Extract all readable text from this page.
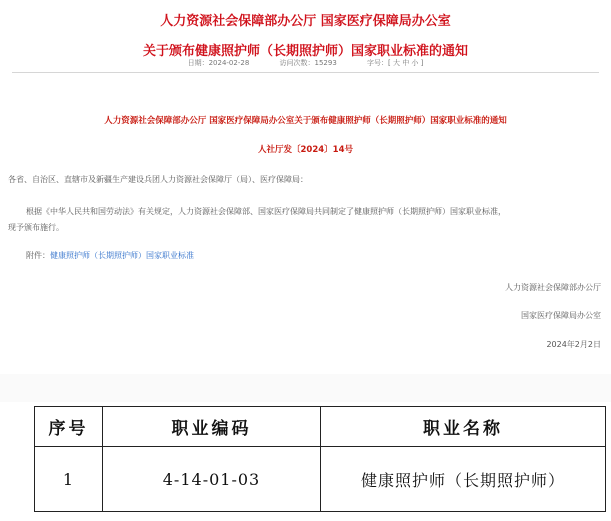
人力资源社会保障部办公厅 国家医疗保障局办公室
关于颁布健康照护师（长期照护师）国家职业标准的通知
日期：2024-02-28	访问次数：15293	字号：[ 大 中 小 ]
人力资源社会保障部办公厅 国家医疗保障局办公室关于颁布健康照护师（长期照护师）国家职业标准的通知
人社厅发〔2024〕14号
各省、自治区、直辖市及新疆生产建设兵团人力资源社会保障厅（局）、医疗保障局：
根据《中华人民共和国劳动法》有关规定，人力资源社会保障部、国家医疗保障局共同制定了健康照护师（长期照护师）国家职业标准，
现予颁布施行。
附件：健康照护师（长期照护师）国家职业标准
人力资源社会保障部办公厅
国家医疗保障局办公室
2024年2月2日
序号	职业编码	职业名称
1	4-14-01-03	健康照护师（长期照护师）
